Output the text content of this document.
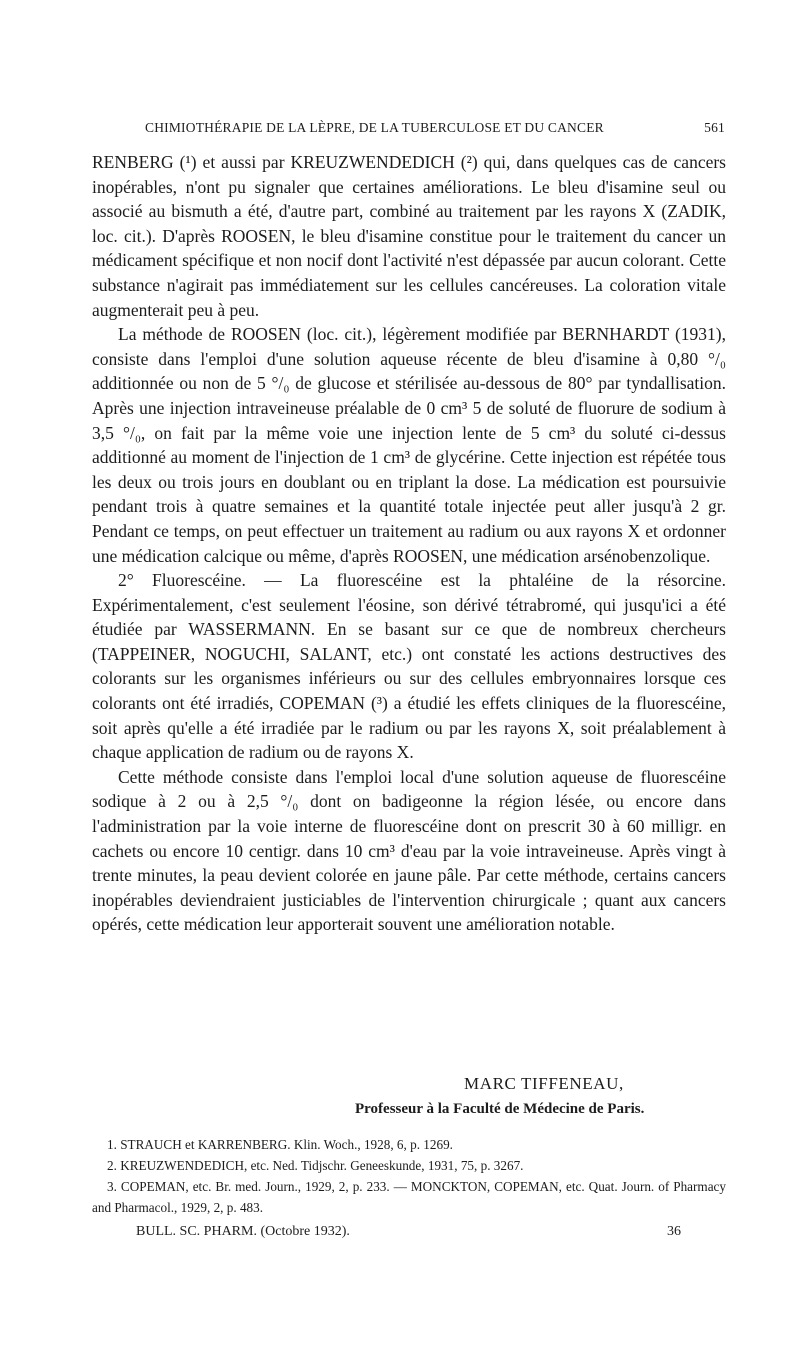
CHIMIOTHÉRAPIE DE LA LÈPRE, DE LA TUBERCULOSE ET DU CANCER	561

RENBERG (¹) et aussi par KREUZWENDEDICH (²) qui, dans quelques cas de cancers inopérables, n'ont pu signaler que certaines améliorations. Le bleu d'isamine seul ou associé au bismuth a été, d'autre part, combiné au traitement par les rayons X (ZADIK, loc. cit.). D'après ROOSEN, le bleu d'isamine constitue pour le traitement du cancer un médicament spécifique et non nocif dont l'activité n'est dépassée par aucun colorant. Cette substance n'agirait pas immédiatement sur les cellules cancéreuses. La coloration vitale augmenterait peu à peu.

La méthode de ROOSEN (loc. cit.), légèrement modifiée par BERNHARDT (1931), consiste dans l'emploi d'une solution aqueuse récente de bleu d'isamine à 0,80 °/₀ additionnée ou non de 5 °/₀ de glucose et stérilisée au-dessous de 80° par tyndallisation. Après une injection intraveineuse préalable de 0 cm³ 5 de soluté de fluorure de sodium à 3,5 °/₀, on fait par la même voie une injection lente de 5 cm³ du soluté ci-dessus additionné au moment de l'injection de 1 cm³ de glycérine. Cette injection est répétée tous les deux ou trois jours en doublant ou en triplant la dose. La médication est poursuivie pendant trois à quatre semaines et la quantité totale injectée peut aller jusqu'à 2 gr. Pendant ce temps, on peut effectuer un traitement au radium ou aux rayons X et ordonner une médication calcique ou même, d'après ROOSEN, une médication arsénobenzolique.

2° Fluorescéine. — La fluorescéine est la phtaléine de la résorcine. Expérimentalement, c'est seulement l'éosine, son dérivé tétrabromé, qui jusqu'ici a été étudiée par WASSERMANN. En se basant sur ce que de nombreux chercheurs (TAPPEINER, NOGUCHI, SALANT, etc.) ont constaté les actions destructives des colorants sur les organismes inférieurs ou sur des cellules embryonnaires lorsque ces colorants ont été irradiés, COPEMAN (³) a étudié les effets cliniques de la fluorescéine, soit après qu'elle a été irradiée par le radium ou par les rayons X, soit préalablement à chaque application de radium ou de rayons X.

Cette méthode consiste dans l'emploi local d'une solution aqueuse de fluorescéine sodique à 2 ou à 2,5 °/₀ dont on badigeonne la région lésée, ou encore dans l'administration par la voie interne de fluorescéine dont on prescrit 30 à 60 milligr. en cachets ou encore 10 centigr. dans 10 cm³ d'eau par la voie intraveineuse. Après vingt à trente minutes, la peau devient colorée en jaune pâle. Par cette méthode, certains cancers inopérables deviendraient justiciables de l'intervention chirurgicale ; quant aux cancers opérés, cette médication leur apporterait souvent une amélioration notable.

MARC TIFFENEAU,
Professeur à la Faculté de Médecine de Paris.

1. STRAUCH et KARRENBERG. Klin. Woch., 1928, 6, p. 1269.

2. KREUZWENDEDICH, etc. Ned. Tidjschr. Geneeskunde, 1931, 75, p. 3267.

3. COPEMAN, etc. Br. med. Journ., 1929, 2, p. 233. — MONCKTON, COPEMAN, etc. Quat. Journ. of Pharmacy and Pharmacol., 1929, 2, p. 483.

BULL. SC. PHARM. (Octobre 1932).	36
